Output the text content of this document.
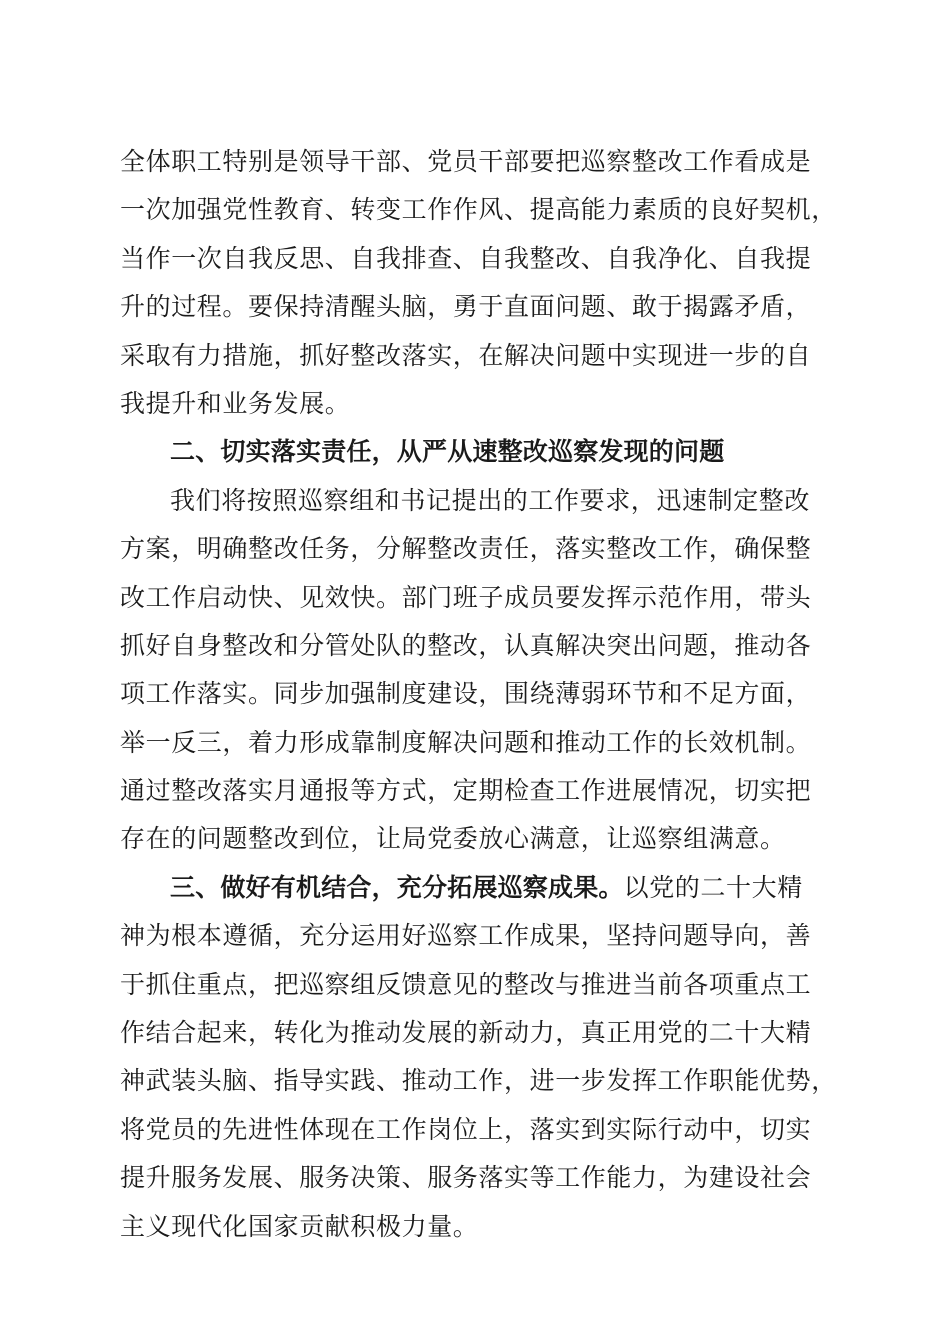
全体职工特别是领导干部、党员干部要把巡察整改工作看成是
一次加强党性教育、转变工作作风、提高能力素质的良好契机，
当作一次自我反思、自我排查、自我整改、自我净化、自我提
升的过程。要保持清醒头脑，勇于直面问题、敢于揭露矛盾，
采取有力措施，抓好整改落实，在解决问题中实现进一步的自
我提升和业务发展。
二、切实落实责任，从严从速整改巡察发现的问题
我们将按照巡察组和书记提出的工作要求，迅速制定整改
方案，明确整改任务，分解整改责任，落实整改工作，确保整
改工作启动快、见效快。部门班子成员要发挥示范作用，带头
抓好自身整改和分管处队的整改，认真解决突出问题，推动各
项工作落实。同步加强制度建设，围绕薄弱环节和不足方面，
举一反三，着力形成靠制度解决问题和推动工作的长效机制。
通过整改落实月通报等方式，定期检查工作进展情况，切实把
存在的问题整改到位，让局党委放心满意，让巡察组满意。
三、做好有机结合，充分拓展巡察成果。以党的二十大精
神为根本遵循，充分运用好巡察工作成果，坚持问题导向，善
于抓住重点，把巡察组反馈意见的整改与推进当前各项重点工
作结合起来，转化为推动发展的新动力，真正用党的二十大精
神武装头脑、指导实践、推动工作，进一步发挥工作职能优势，
将党员的先进性体现在工作岗位上，落实到实际行动中，切实
提升服务发展、服务决策、服务落实等工作能力，为建设社会
主义现代化国家贡献积极力量。
